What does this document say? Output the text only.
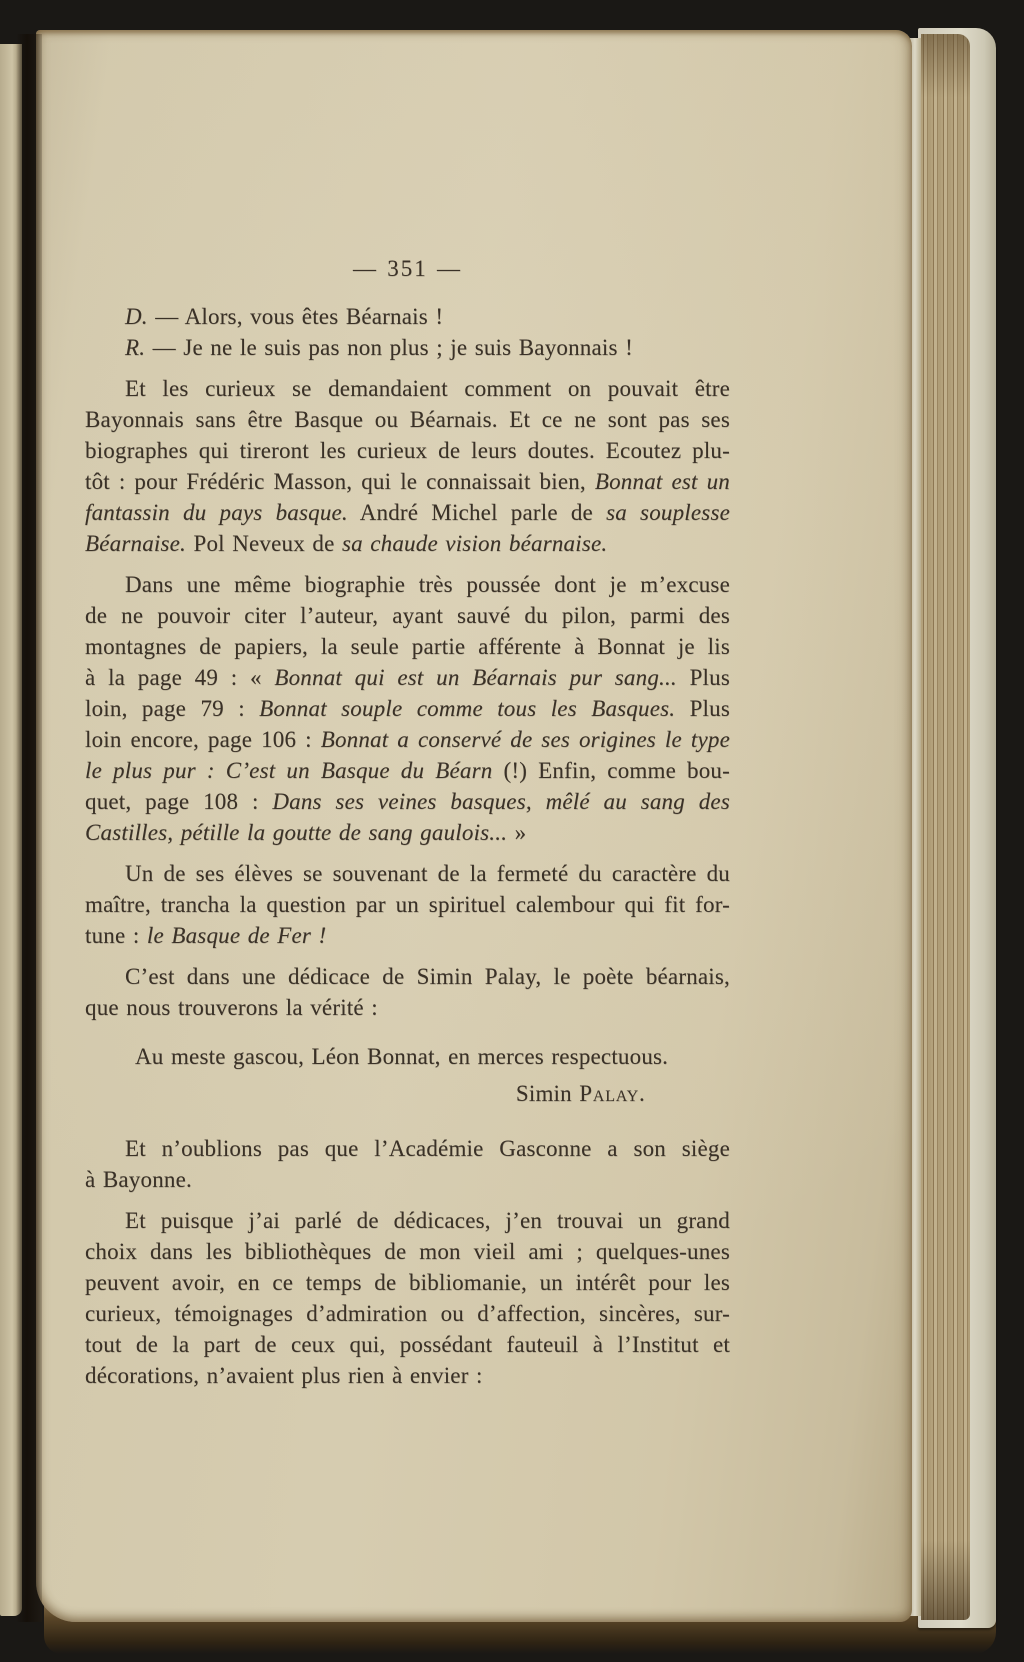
— 351 —
D. — Alors, vous êtes Béarnais !
R. — Je ne le suis pas non plus ; je suis Bayonnais !
Et les curieux se demandaient comment on pouvait être
Bayonnais sans être Basque ou Béarnais. Et ce ne sont pas ses
biographes qui tireront les curieux de leurs doutes. Ecoutez plu-
tôt : pour Frédéric Masson, qui le connaissait bien, Bonnat est un
fantassin du pays basque. André Michel parle de sa souplesse
Béarnaise. Pol Neveux de sa chaude vision béarnaise.
Dans une même biographie très poussée dont je m’excuse
de ne pouvoir citer l’auteur, ayant sauvé du pilon, parmi des
montagnes de papiers, la seule partie afférente à Bonnat je lis
à la page 49 : « Bonnat qui est un Béarnais pur sang... Plus
loin, page 79 : Bonnat souple comme tous les Basques. Plus
loin encore, page 106 : Bonnat a conservé de ses origines le type
le plus pur : C’est un Basque du Béarn (!) Enfin, comme bou-
quet, page 108 : Dans ses veines basques, mêlé au sang des
Castilles, pétille la goutte de sang gaulois... »
Un de ses élèves se souvenant de la fermeté du caractère du
maître, trancha la question par un spirituel calembour qui fit for-
tune : le Basque de Fer !
C’est dans une dédicace de Simin Palay, le poète béarnais,
que nous trouverons la vérité :
Au meste gascou, Léon Bonnat, en merces respectuous.
Simin Palay.
Et n’oublions pas que l’Académie Gasconne a son siège
à Bayonne.
Et puisque j’ai parlé de dédicaces, j’en trouvai un grand
choix dans les bibliothèques de mon vieil ami ; quelques-unes
peuvent avoir, en ce temps de bibliomanie, un intérêt pour les
curieux, témoignages d’admiration ou d’affection, sincères, sur-
tout de la part de ceux qui, possédant fauteuil à l’Institut et
décorations, n’avaient plus rien à envier :
